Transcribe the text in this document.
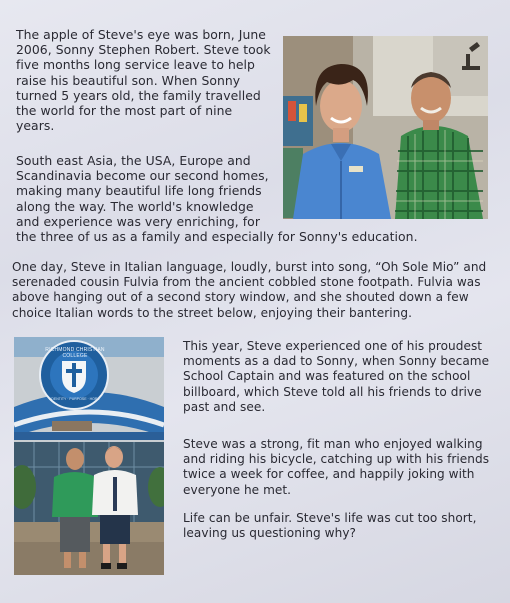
The apple of Steve's eye was born, June
2006, Sonny Stephen Robert. Steve took
five months long service leave to help
raise his beautiful son. When Sonny
turned 5 years old, the family travelled
the world for the most part of nine
years.
South east Asia, the USA, Europe and
Scandinavia become our second homes,
making many beautiful life long friends
along the way. The world's knowledge
and experience was very enriching, for
the three of us as a family and especially for Sonny's education.
One day, Steve in Italian language, loudly, burst into song, “Oh Sole Mio” and
serenaded cousin Fulvia from the ancient cobbled stone footpath. Fulvia was
above hanging out of a second story window, and she shouted down a few
choice Italian words to the street below, enjoying their bantering.
This year, Steve experienced one of his proudest
moments as a dad to Sonny, when Sonny became
School Captain and was featured on the school
billboard, which Steve told all his friends to drive
past and see.
Steve was a strong, fit man who enjoyed walking
and riding his bicycle, catching up with his friends
twice a week for coffee, and happily joking with
everyone he met.
Life can be unfair. Steve's life was cut too short,
leaving us questioning why?
RICHMOND CHRISTIAN COLLEGE
IDENTITY · PURPOSE · HOPE
